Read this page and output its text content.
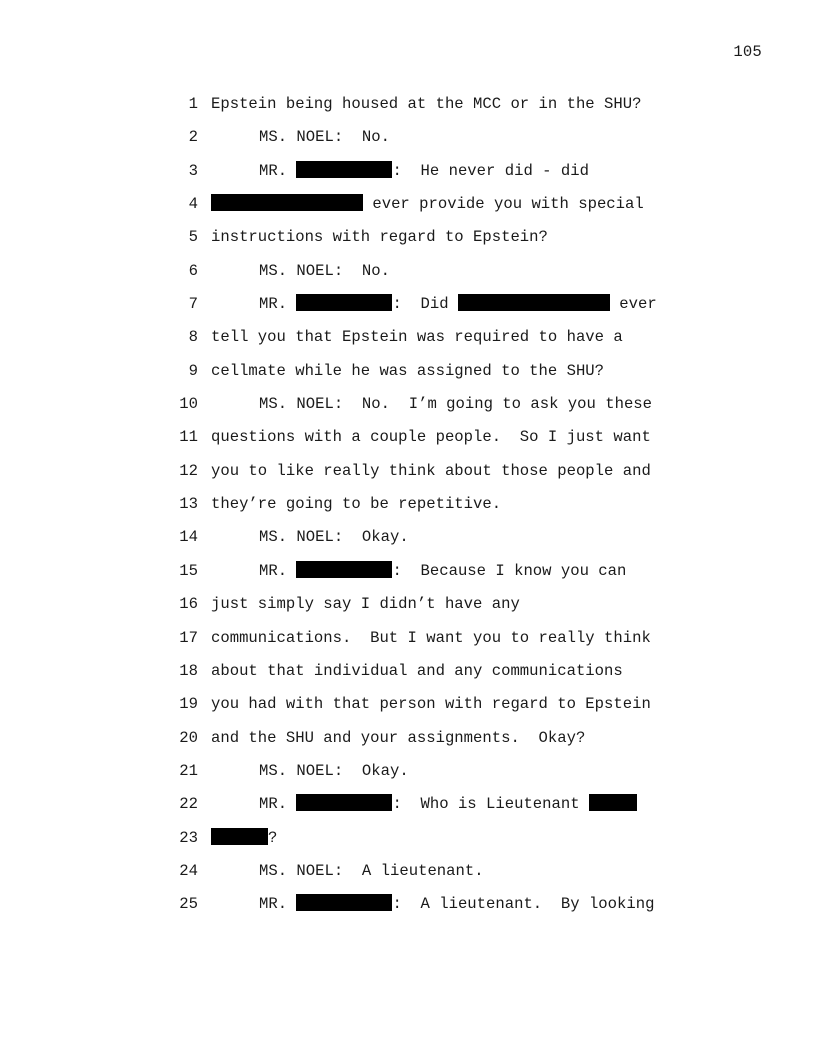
105
1 Epstein being housed at the MCC or in the SHU?
2	MS. NOEL:  No.
3	MR.	:  He never did - did
4	ever provide you with special
5 instructions with regard to Epstein?
6	MS. NOEL:  No.
7	MR.	:  Did	ever
8 tell you that Epstein was required to have a
9 cellmate while he was assigned to the SHU?
10	MS. NOEL:  No.  I’m going to ask you these
11 questions with a couple people.  So I just want
12 you to like really think about those people and
13 they’re going to be repetitive.
14	MS. NOEL:  Okay.
15	MR.	:  Because I know you can
16 just simply say I didn’t have any
17 communications.  But I want you to really think
18 about that individual and any communications
19 you had with that person with regard to Epstein
20 and the SHU and your assignments.  Okay?
21	MS. NOEL:  Okay.
22	MR.	:  Who is Lieutenant
23	?
24	MS. NOEL:  A lieutenant.
25	MR.	:  A lieutenant.  By looking
